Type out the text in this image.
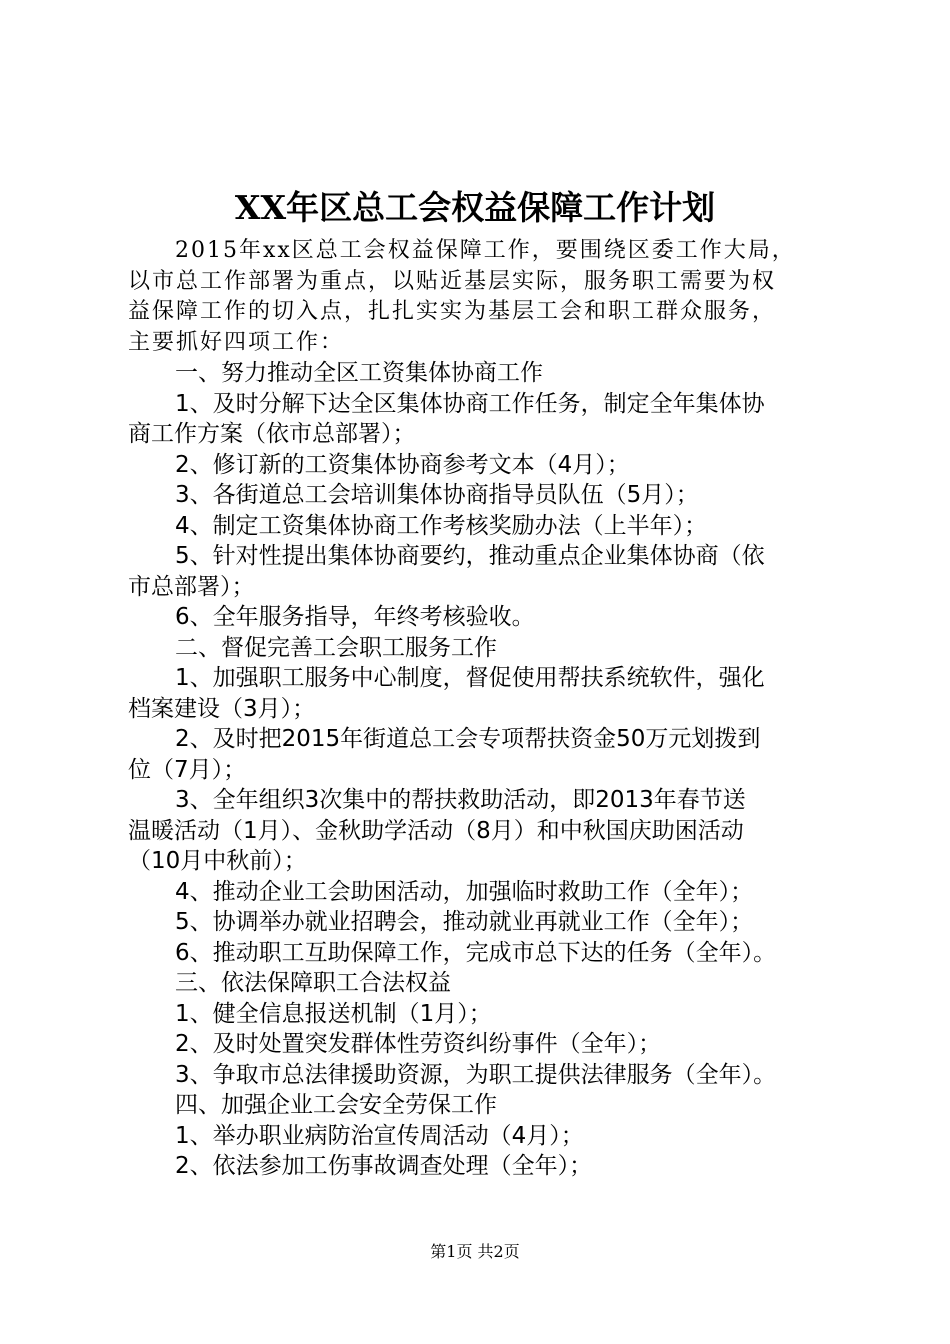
XX年区总工会权益保障工作计划
2015年xx区总工会权益保障工作，要围绕区委工作大局，
以市总工作部署为重点，以贴近基层实际，服务职工需要为权
益保障工作的切入点，扎扎实实为基层工会和职工群众服务，
主要抓好四项工作：
一、努力推动全区工资集体协商工作
1、及时分解下达全区集体协商工作任务，制定全年集体协
商工作方案（依市总部署）；
2、修订新的工资集体协商参考文本（4月）；
3、各街道总工会培训集体协商指导员队伍（5月）；
4、制定工资集体协商工作考核奖励办法（上半年）；
5、针对性提出集体协商要约，推动重点企业集体协商（依
市总部署）；
6、全年服务指导，年终考核验收。
二、督促完善工会职工服务工作
1、加强职工服务中心制度，督促使用帮扶系统软件，强化
档案建设（3月）；
2、及时把2015年街道总工会专项帮扶资金50万元划拨到
位（7月）；
3、全年组织3次集中的帮扶救助活动，即2013年春节送
温暖活动（1月）、金秋助学活动（8月）和中秋国庆助困活动
（10月中秋前）；
4、推动企业工会助困活动，加强临时救助工作（全年）；
5、协调举办就业招聘会，推动就业再就业工作（全年）；
6、推动职工互助保障工作，完成市总下达的任务（全年）。
三、依法保障职工合法权益
1、健全信息报送机制（1月）；
2、及时处置突发群体性劳资纠纷事件（全年）；
3、争取市总法律援助资源，为职工提供法律服务（全年）。
四、加强企业工会安全劳保工作
1、举办职业病防治宣传周活动（4月）；
2、依法参加工伤事故调查处理（全年）；
第1页 共2页
